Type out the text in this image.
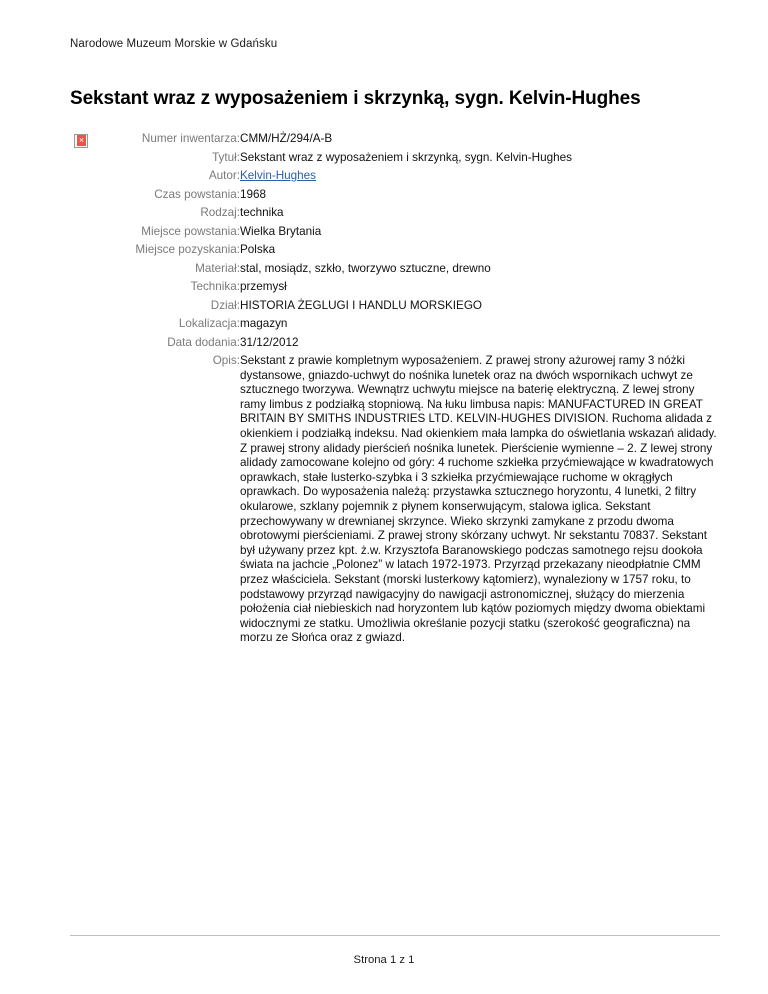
Narodowe Muzeum Morskie w Gdańsku
Sekstant wraz z wyposażeniem i skrzynką, sygn. Kelvin-Hughes
×	Numer inwentarza:	CMM/HŻ/294/A-B
Tytuł:	Sekstant wraz z wyposażeniem i skrzynką, sygn. Kelvin-Hughes
Autor:	Kelvin-Hughes
Czas powstania:	1968
Rodzaj:	technika
Miejsce powstania:	Wielka Brytania
Miejsce pozyskania:	Polska
Materiał:	stal, mosiądz, szkło, tworzywo sztuczne, drewno
Technika:	przemysł
Dział:	HISTORIA ŻEGLUGI I HANDLU MORSKIEGO
Lokalizacja:	magazyn
Data dodania:	31/12/2012
Opis:	Sekstant z prawie kompletnym wyposażeniem. Z prawej strony ażurowej ramy 3 nóżki dystansowe, gniazdo-uchwyt do nośnika lunetek oraz na dwóch wspornikach uchwyt ze sztucznego tworzywa. Wewnątrz uchwytu miejsce na baterię elektryczną. Z lewej strony ramy limbus z podziałką stopniową. Na łuku limbusa napis: MANUFACTURED IN GREAT BRITAIN BY SMITHS INDUSTRIES LTD. KELVIN-HUGHES DIVISION. Ruchoma alidada z okienkiem i podziałką indeksu. Nad okienkiem mała lampka do oświetlania wskazań alidady. Z prawej strony alidady pierścień nośnika lunetek. Pierścienie wymienne – 2. Z lewej strony alidady zamocowane kolejno od góry: 4 ruchome szkiełka przyćmiewające w kwadratowych oprawkach, stałe lusterko-szybka i 3 szkiełka przyćmiewające ruchome w okrągłych oprawkach. Do wyposażenia należą: przystawka sztucznego horyzontu, 4 lunetki, 2 filtry okularowe, szklany pojemnik z płynem konserwującym, stalowa iglica. Sekstant przechowywany w drewnianej skrzynce. Wieko skrzynki zamykane z przodu dwoma obrotowymi pierścieniami. Z prawej strony skórzany uchwyt. Nr sekstantu 70837. Sekstant był używany przez kpt. ż.w. Krzysztofa Baranowskiego podczas samotnego rejsu dookoła świata na jachcie „Polonez” w latach 1972-1973. Przyrząd przekazany nieodpłatnie CMM przez właściciela. Sekstant (morski lusterkowy kątomierz), wynaleziony w 1757 roku, to podstawowy przyrząd nawigacyjny do nawigacji astronomicznej, służący do mierzenia położenia ciał niebieskich nad horyzontem lub kątów poziomych między dwoma obiektami widocznymi ze statku. Umożliwia określanie pozycji statku (szerokość geograficzna) na morzu ze Słońca oraz z gwiazd.
Strona 1 z 1
